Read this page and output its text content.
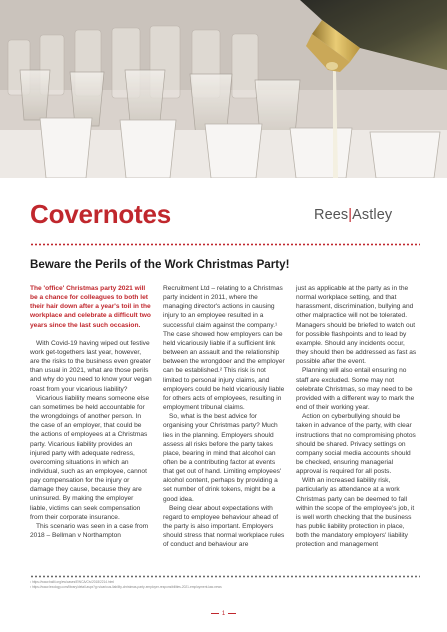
Covernotes	Rees|Astley
Beware the Perils of the Work Christmas Party!

The 'office' Christmas party 2021 will be a chance for colleagues to both let their hair down after a year's toil in the workplace and celebrate a difficult two years since the last such occasion.

With Covid-19 having wiped out festive work get-togethers last year, however, are the risks to the business even greater than usual in 2021, what are those perils and why do you need to know your vegan roast from your vicarious liability?

Vicarious liability means someone else can sometimes be held accountable for the wrongdoings of another person. In the case of an employer, that could be the actions of employees at a Christmas party. Vicarious liability provides an injured party with adequate redress, overcoming situations in which an individual, such as an employee, cannot pay compensation for the injury or damage they cause, because they are uninsured. By making the employer liable, victims can seek compensation from their corporate insurance.

This scenario was seen in a case from 2018 – Bellman v Northampton

Recruitment Ltd – relating to a Christmas party incident in 2011, where the managing director's actions in causing injury to an employee resulted in a successful claim against the company.¹ The case showed how employers can be held vicariously liable if a sufficient link between an assault and the relationship between the wrongdoer and the employer can be established.² This risk is not limited to personal injury claims, and employers could be held vicariously liable for others acts of employees, resulting in employment tribunal claims.

So, what is the best advice for organising your Christmas party? Much lies in the planning. Employers should assess all risks before the party takes place, bearing in mind that alcohol can often be a contributing factor at events that get out of hand. Limiting employees' alcohol content, perhaps by providing a set number of drink tokens, might be a good idea.

Being clear about expectations with regard to employee behaviour ahead of the party is also important. Employers should stress that normal workplace rules of conduct and behaviour are

just as applicable at the party as in the normal workplace setting, and that harassment, discrimination, bullying and other malpractice will not be tolerated. Managers should be briefed to watch out for possible flashpoints and to lead by example. Should any incidents occur, they should then be addressed as fast as possible after the event.

Planning will also entail ensuring no staff are excluded. Some may not celebrate Christmas, so may need to be provided with a different way to mark the end of their working year.

Action on cyberbullying should be taken in advance of the party, with clear instructions that no compromising photos should be shared. Privacy settings on company social media accounts should be checked, ensuring managerial approval is required for all posts.

With an increased liability risk, particularly as attendance at a work Christmas party can be deemed to fall within the scope of the employee's job, it is well worth checking that the business has public liability protection in place, both the mandatory employers' liability protection and management

¹ https://www.bailii.org/ew/cases/EWCA/Civ/2018/2214.html
² https://www.lexology.com/library/detail.aspx?g=vicarious-liability-christmas-party-employer-responsibilities-2021-employment-law-news
1
